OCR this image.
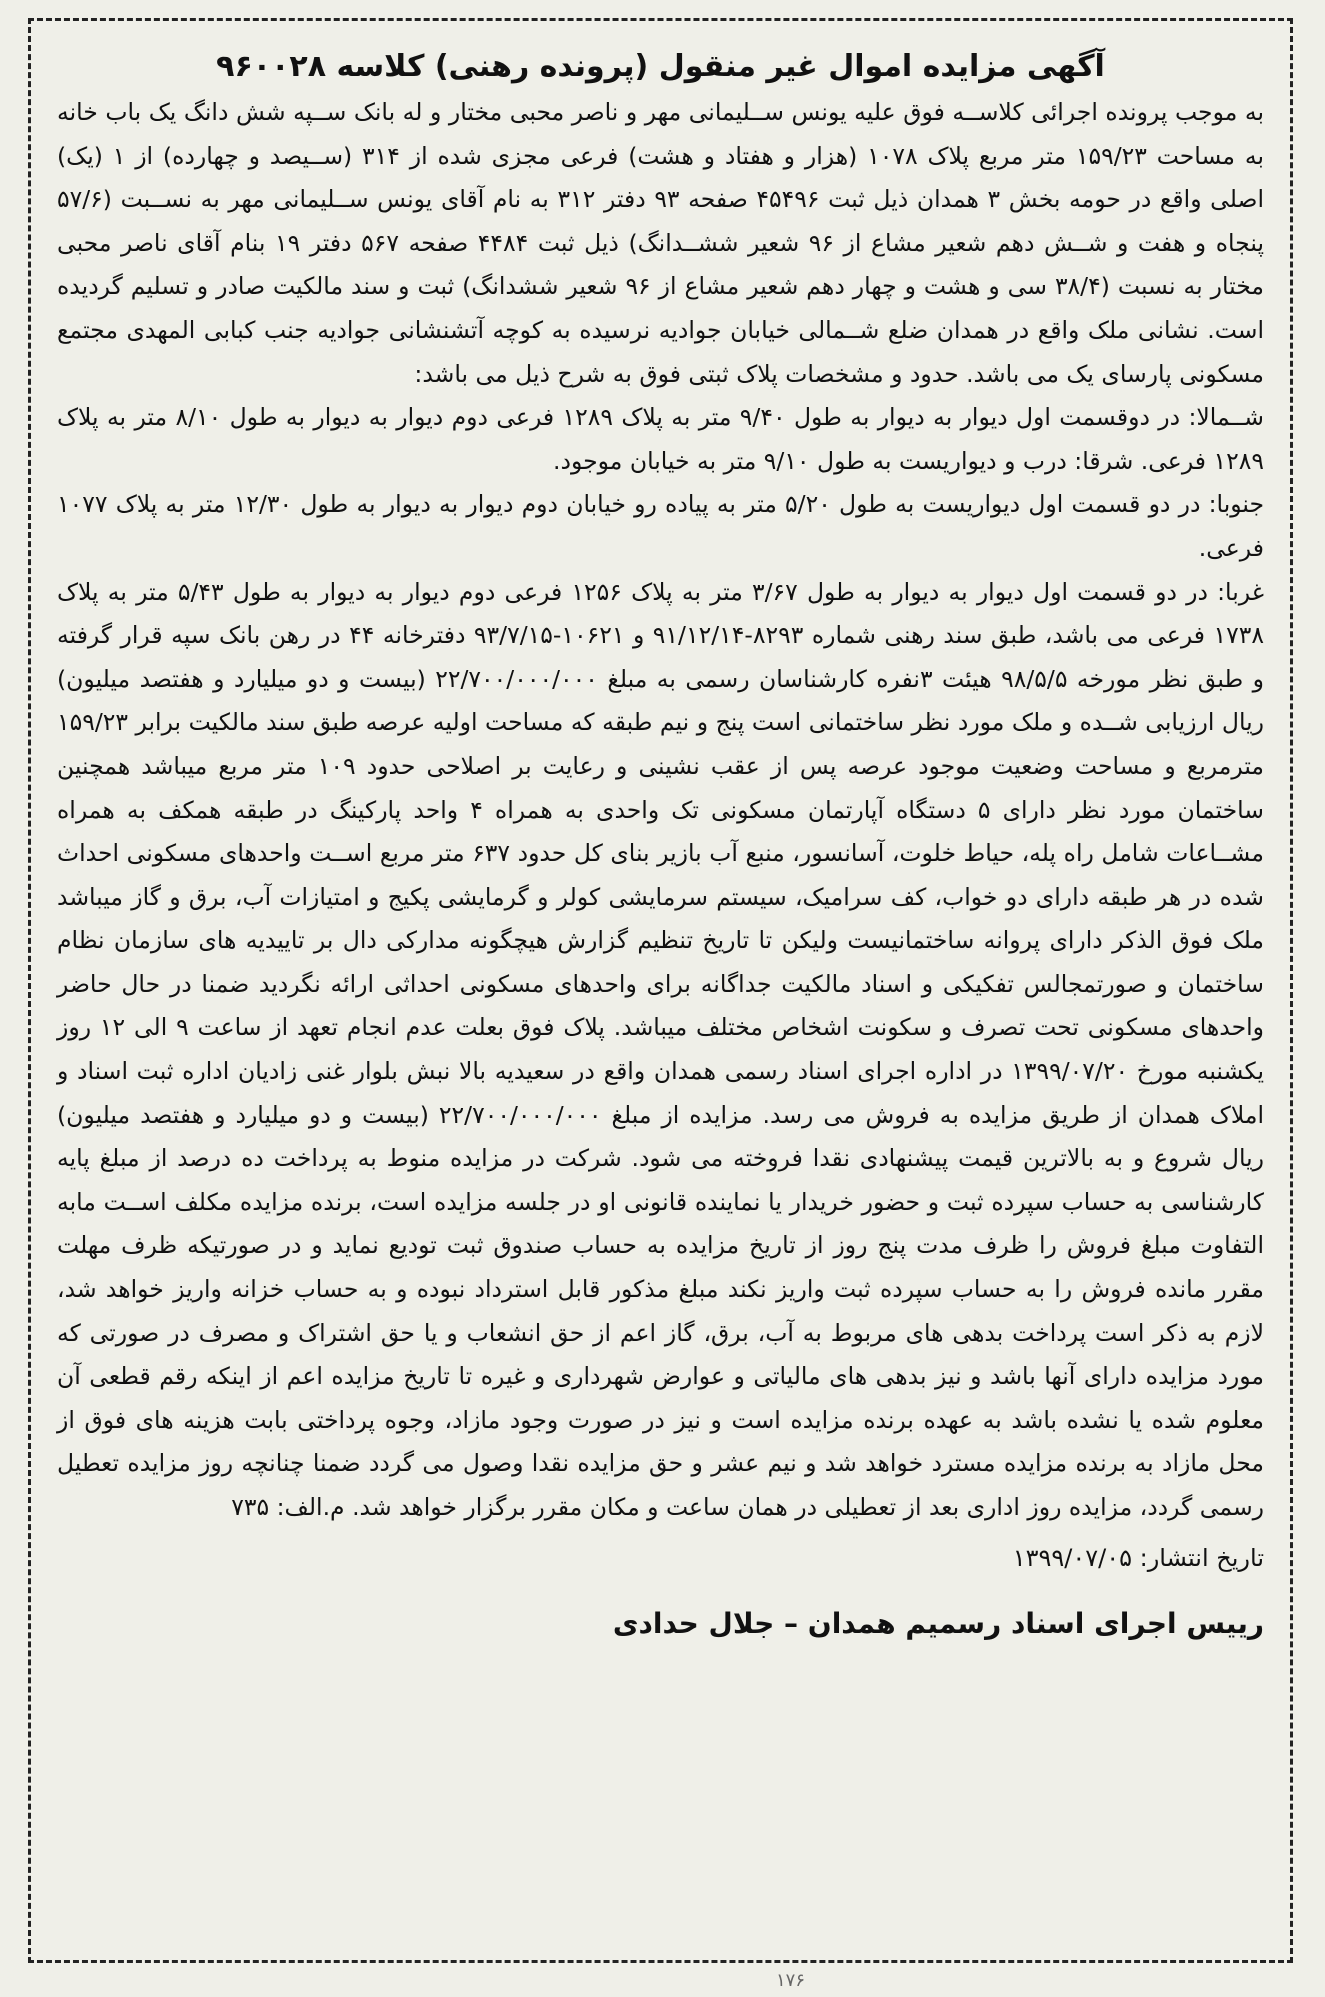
آگهی مزایده اموال غیر منقول (پرونده رهنی) کلاسه ۹۶۰۰۲۸

به موجب پرونده اجرائی کلاســه فوق علیه یونس ســلیمانی مهر و ناصر محبی مختار و له بانک ســپه شش دانگ یک باب خانه به مساحت ۱۵۹/۲۳ متر مربع پلاک ۱۰۷۸ (هزار و هفتاد و هشت) فرعی مجزی شده از ۳۱۴ (ســیصد و چهارده) از ۱ (یک) اصلی واقع در حومه بخش ۳ همدان ذیل ثبت ۴۵۴۹۶ صفحه ۹۳ دفتر ۳۱۲ به نام آقای یونس ســلیمانی مهر به نســبت (۵۷/۶ پنجاه و هفت و شــش دهم شعیر مشاع از ۹۶ شعیر ششــدانگ) ذیل ثبت ۴۴۸۴ صفحه ۵۶۷ دفتر ۱۹ بنام آقای ناصر محبی مختار به نسبت (۳۸/۴ سی و هشت و چهار دهم شعیر مشاع از ۹۶ شعیر ششدانگ) ثبت و سند مالکیت صادر و تسلیم گردیده است. نشانی ملک واقع در همدان ضلع شــمالی خیابان جوادیه نرسیده به کوچه آتشنشانی جوادیه جنب کبابی المهدی مجتمع مسکونی پارسای یک می باشد. حدود و مشخصات پلاک ثبتی فوق به شرح ذیل می باشد:

شــمالا: در دوقسمت اول دیوار به دیوار به طول ۹/۴۰ متر به پلاک ۱۲۸۹ فرعی دوم دیوار به دیوار به طول ۸/۱۰ متر به پلاک ۱۲۸۹ فرعی. شرقا: درب و دیواریست به طول ۹/۱۰ متر به خیابان موجود.

جنوبا: در دو قسمت اول دیواریست به طول ۵/۲۰ متر به پیاده رو خیابان دوم دیوار به دیوار به طول ۱۲/۳۰ متر به پلاک ۱۰۷۷ فرعی.

غربا: در دو قسمت اول دیوار به دیوار به طول ۳/۶۷ متر به پلاک ۱۲۵۶ فرعی دوم دیوار به دیوار به طول ۵/۴۳ متر به پلاک ۱۷۳۸ فرعی می باشد، طبق سند رهنی شماره ۸۲۹۳-۹۱/۱۲/۱۴ و ۱۰۶۲۱-۹۳/۷/۱۵ دفترخانه ۴۴ در رهن بانک سپه قرار گرفته و طبق نظر مورخه ۹۸/۵/۵ هیئت ۳نفره کارشناسان رسمی به مبلغ ۲۲/۷۰۰/۰۰۰/۰۰۰ (بیست و دو میلیارد و هفتصد میلیون) ریال ارزیابی شــده و ملک مورد نظر ساختمانی است پنج و نیم طبقه که مساحت اولیه عرصه طبق سند مالکیت برابر ۱۵۹/۲۳ مترمربع و مساحت وضعیت موجود عرصه پس از عقب نشینی و رعایت بر اصلاحی حدود ۱۰۹ متر مربع میباشد همچنین ساختمان مورد نظر دارای ۵ دستگاه آپارتمان مسکونی تک واحدی به همراه ۴ واحد پارکینگ در طبقه همکف به همراه مشــاعات شامل راه پله، حیاط خلوت، آسانسور، منبع آب بازیر بنای کل حدود ۶۳۷ متر مربع اســت واحدهای مسکونی احداث شده در هر طبقه دارای دو خواب، کف سرامیک، سیستم سرمایشی کولر و گرمایشی پکیج و امتیازات آب، برق و گاز میباشد ملک فوق الذکر دارای پروانه ساختمانیست ولیکن تا تاریخ تنظیم گزارش هیچگونه مدارکی دال بر تاییدیه های سازمان نظام ساختمان و صورتمجالس تفکیکی و اسناد مالکیت جداگانه برای واحدهای مسکونی احداثی ارائه نگردید ضمنا در حال حاضر واحدهای مسکونی تحت تصرف و سکونت اشخاص مختلف میباشد. پلاک فوق بعلت عدم انجام تعهد از ساعت ۹ الی ۱۲ روز یکشنبه مورخ ۱۳۹۹/۰۷/۲۰ در اداره اجرای اسناد رسمی همدان واقع در سعیدیه بالا نبش بلوار غنی زادیان اداره ثبت اسناد و املاک همدان از طریق مزایده به فروش می رسد. مزایده از مبلغ ۲۲/۷۰۰/۰۰۰/۰۰۰ (بیست و دو میلیارد و هفتصد میلیون) ریال شروع و به بالاترین قیمت پیشنهادی نقدا فروخته می شود. شرکت در مزایده منوط به پرداخت ده درصد از مبلغ پایه کارشناسی به حساب سپرده ثبت و حضور خریدار یا نماینده قانونی او در جلسه مزایده است، برنده مزایده مکلف اســت مابه التفاوت مبلغ فروش را ظرف مدت پنج روز از تاریخ مزایده به حساب صندوق ثبت تودیع نماید و در صورتیکه ظرف مهلت مقرر مانده فروش را به حساب سپرده ثبت واریز نکند مبلغ مذکور قابل استرداد نبوده و به حساب خزانه واریز خواهد شد، لازم به ذکر است پرداخت بدهی های مربوط به آب، برق، گاز اعم از حق انشعاب و یا حق اشتراک و مصرف در صورتی که مورد مزایده دارای آنها باشد و نیز بدهی های مالیاتی و عوارض شهرداری و غیره تا تاریخ مزایده اعم از اینکه رقم قطعی آن معلوم شده یا نشده باشد به عهده برنده مزایده است و نیز در صورت وجود مازاد، وجوه پرداختی بابت هزینه های فوق از محل مازاد به برنده مزایده مسترد خواهد شد و نیم عشر و حق مزایده نقدا وصول می گردد ضمنا چنانچه روز مزایده تعطیل رسمی گردد، مزایده روز اداری بعد از تعطیلی در همان ساعت و مکان مقرر برگزار خواهد شد. م.الف: ۷۳۵

تاریخ انتشار: ۱۳۹۹/۰۷/۰۵
رییس اجرای اسناد رسمیم همدان – جلال حدادی
۱۷۶
